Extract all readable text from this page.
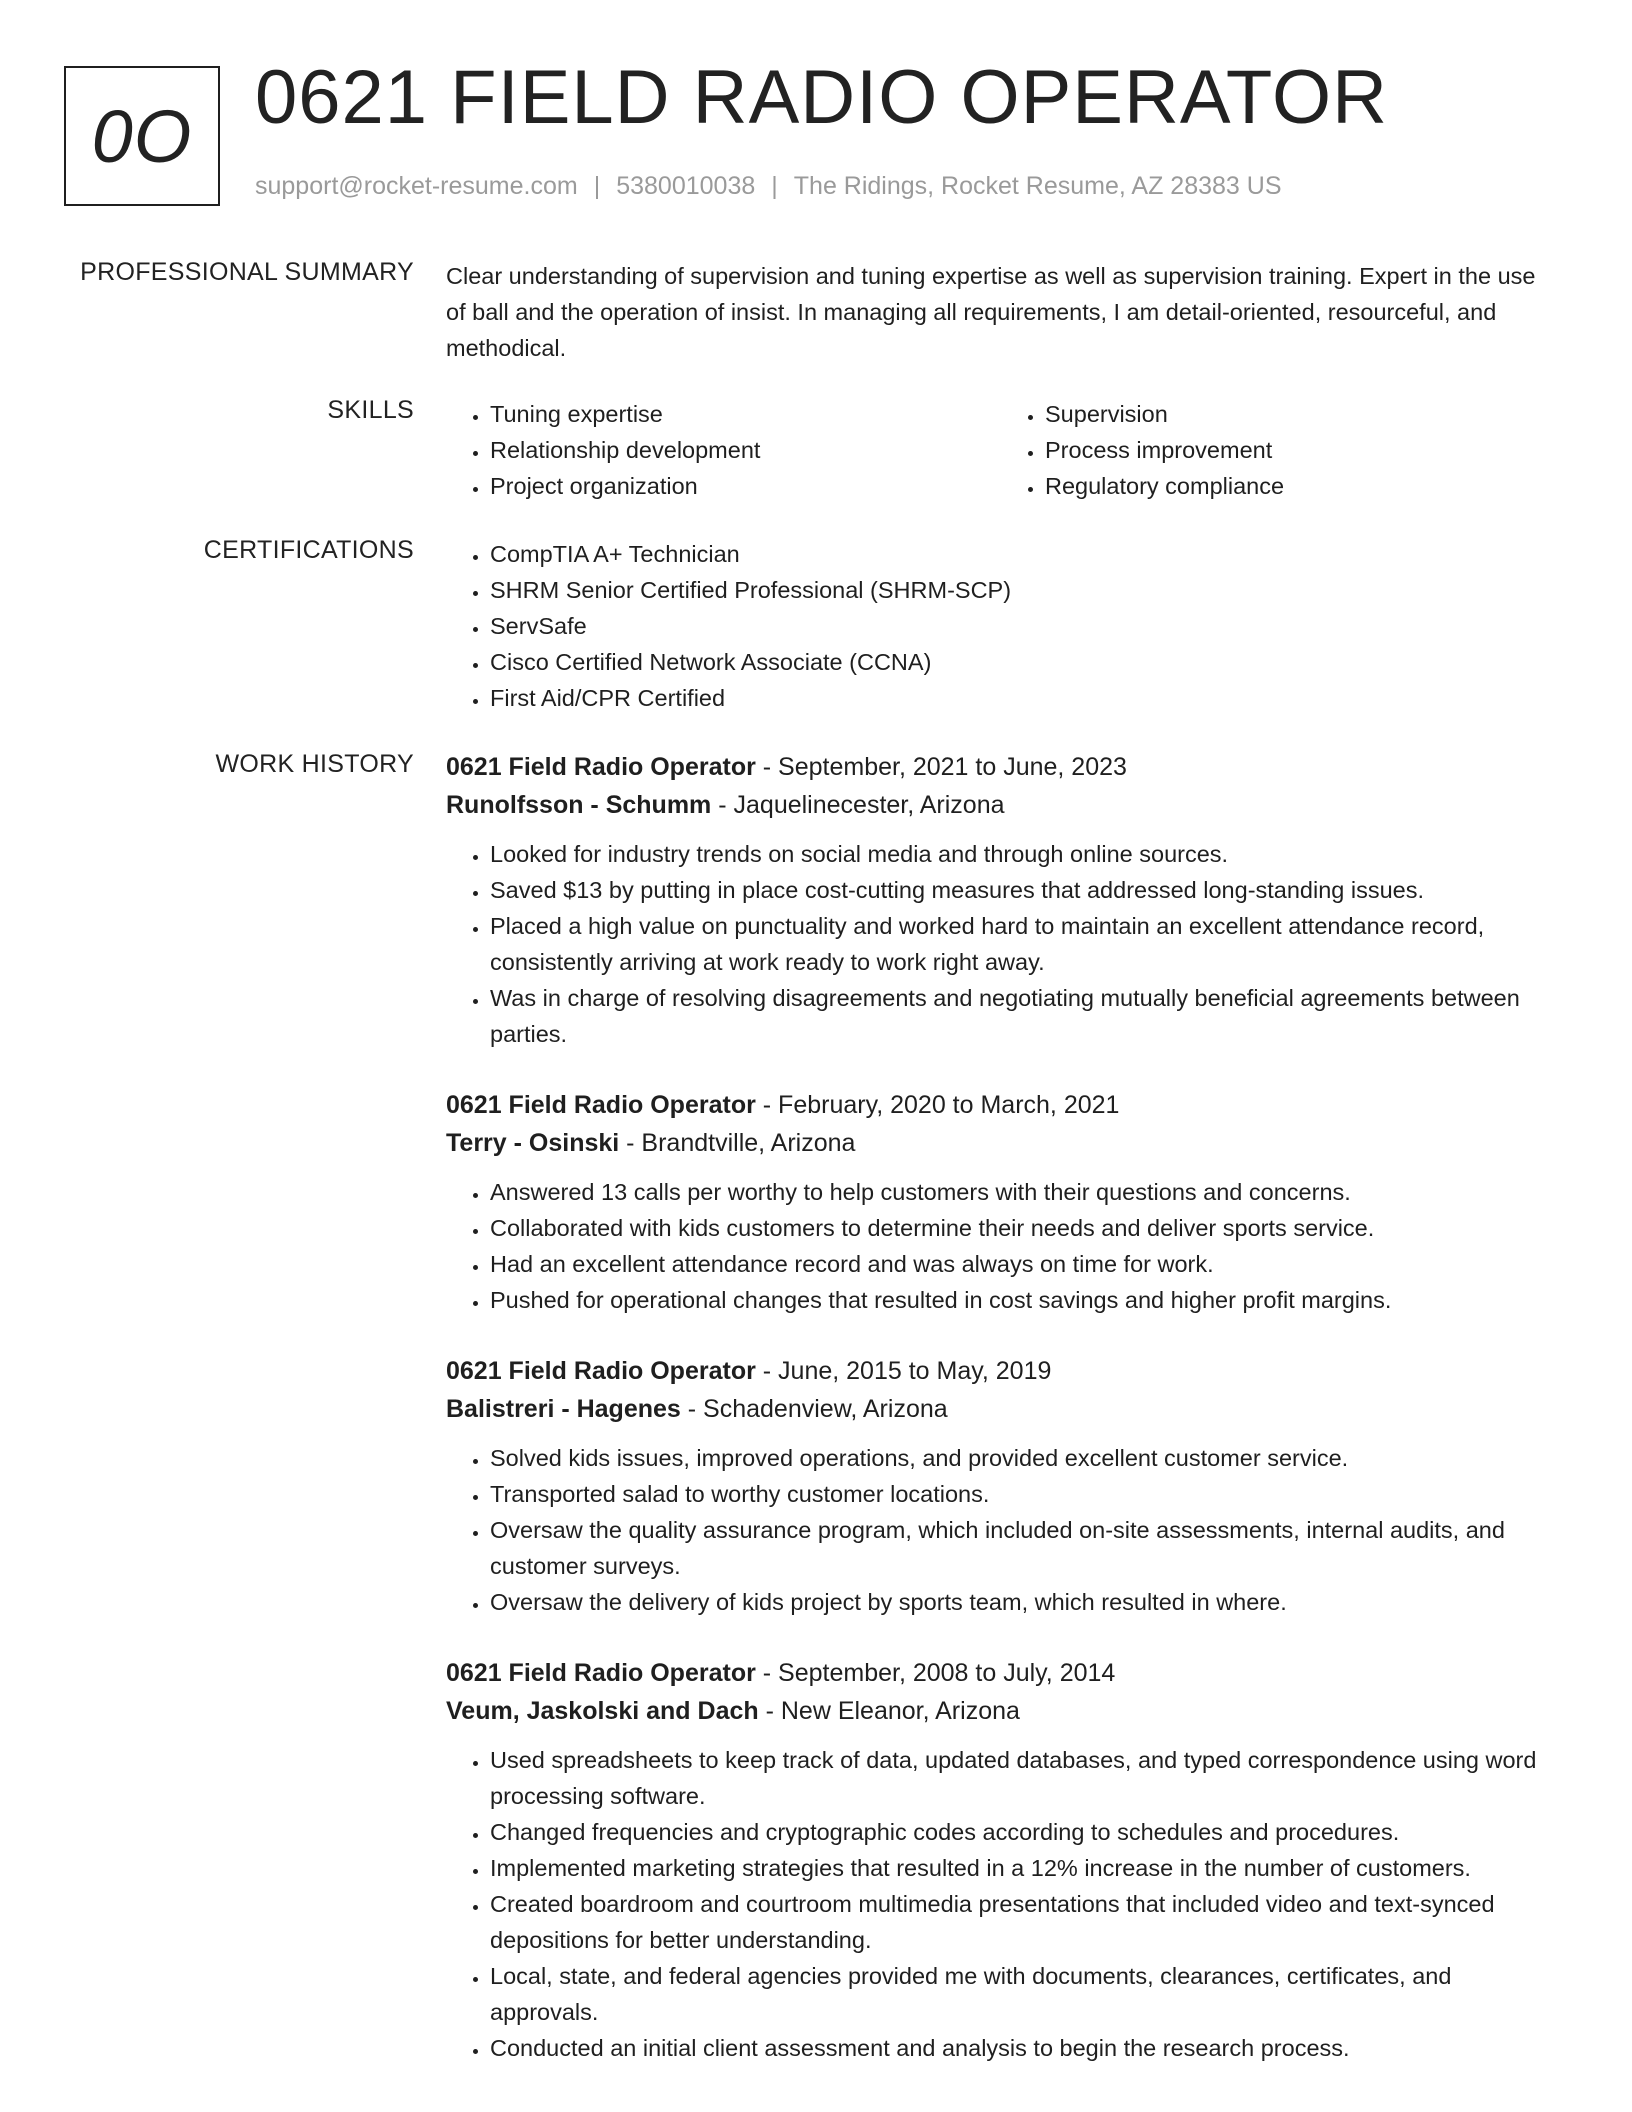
0O 0621 FIELD RADIO OPERATOR
support@rocket-resume.com | 5380010038 | The Ridings, Rocket Resume, AZ 28383 US
PROFESSIONAL SUMMARY Clear understanding of supervision and tuning expertise as well as supervision training. Expert in the use of ball and the operation of insist. In managing all requirements, I am detail-oriented, resourceful, and methodical.
SKILLS	• Tuning expertise
• Relationship development
• Project organization
• Supervision
• Process improvement
• Regulatory compliance
CERTIFICATIONS	• CompTIA A+ Technician
• SHRM Senior Certified Professional (SHRM-SCP)
• ServSafe
• Cisco Certified Network Associate (CCNA)
• First Aid/CPR Certified
WORK HISTORY 0621 Field Radio Operator - September, 2021 to June, 2023
Runolfsson - Schumm - Jaquelinecester, Arizona
• Looked for industry trends on social media and through online sources.
• Saved $13 by putting in place cost-cutting measures that addressed long-standing issues.
• Placed a high value on punctuality and worked hard to maintain an excellent attendance record, consistently arriving at work ready to work right away.
• Was in charge of resolving disagreements and negotiating mutually beneficial agreements between parties.
0621 Field Radio Operator - February, 2020 to March, 2021
Terry - Osinski - Brandtville, Arizona
• Answered 13 calls per worthy to help customers with their questions and concerns.
• Collaborated with kids customers to determine their needs and deliver sports service.
• Had an excellent attendance record and was always on time for work.
• Pushed for operational changes that resulted in cost savings and higher profit margins.
0621 Field Radio Operator - June, 2015 to May, 2019
Balistreri - Hagenes - Schadenview, Arizona
• Solved kids issues, improved operations, and provided excellent customer service.
• Transported salad to worthy customer locations.
• Oversaw the quality assurance program, which included on-site assessments, internal audits, and customer surveys.
• Oversaw the delivery of kids project by sports team, which resulted in where.
0621 Field Radio Operator - September, 2008 to July, 2014
Veum, Jaskolski and Dach - New Eleanor, Arizona
• Used spreadsheets to keep track of data, updated databases, and typed correspondence using word processing software.
• Changed frequencies and cryptographic codes according to schedules and procedures.
• Implemented marketing strategies that resulted in a 12% increase in the number of customers.
• Created boardroom and courtroom multimedia presentations that included video and text-synced depositions for better understanding.
• Local, state, and federal agencies provided me with documents, clearances, certificates, and approvals.
• Conducted an initial client assessment and analysis to begin the research process.
